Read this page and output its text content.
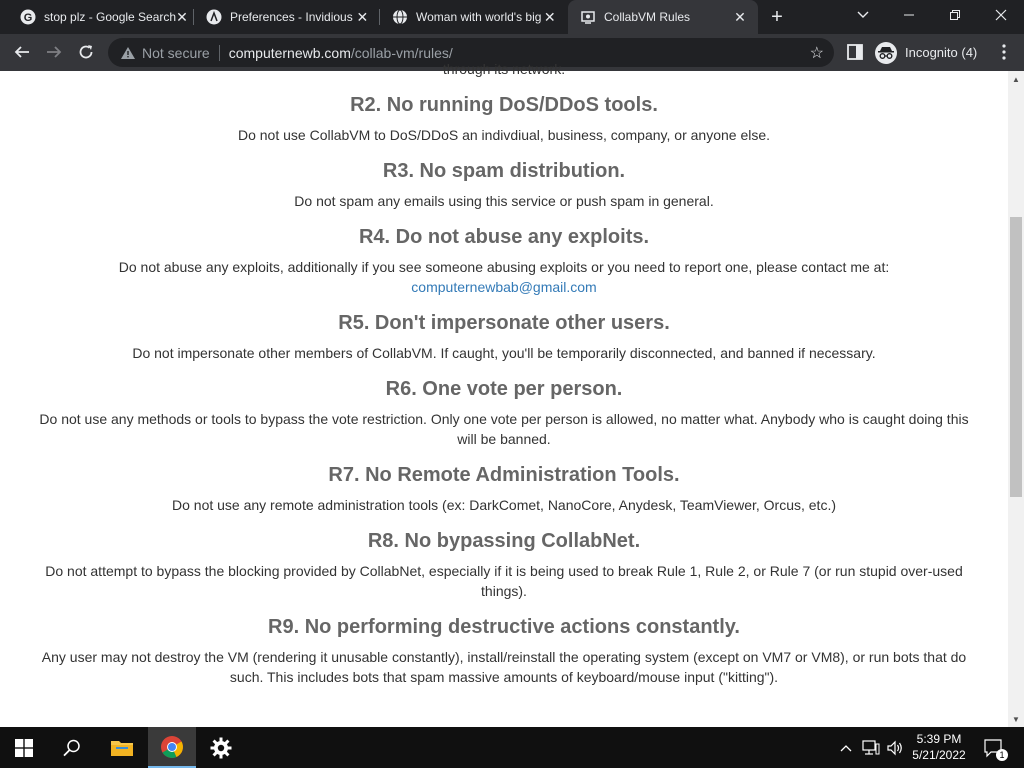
G stop plz - Google Search ✕	Preferences - Invidious ✕	Woman with world's big ✕	CollabVM Rules	✕ +
Not secure computernewb.com /collab-vm/rules/	☆	Incognito (4)
through its network.
R2. No running DoS/DDoS tools.

Do not use CollabVM to DoS/DDoS an indivdiual, business, company, or anyone else.

R3. No spam distribution.

Do not spam any emails using this service or push spam in general.

R4. Do not abuse any exploits.

Do not abuse any exploits, additionally if you see someone abusing exploits or you need to report one, please contact me at:
computernewbab@gmail.com

R5. Don't impersonate other users.

Do not impersonate other members of CollabVM. If caught, you'll be temporarily disconnected, and banned if necessary.

R6. One vote per person.

Do not use any methods or tools to bypass the vote restriction. Only one vote per person is allowed, no matter what. Anybody who is caught doing this will be banned.

R7. No Remote Administration Tools.

Do not use any remote administration tools (ex: DarkComet, NanoCore, Anydesk, TeamViewer, Orcus, etc.)

R8. No bypassing CollabNet.

Do not attempt to bypass the blocking provided by CollabNet, especially if it is being used to break Rule 1, Rule 2, or Rule 7 (or run stupid over-used things).

R9. No performing destructive actions constantly.

Any user may not destroy the VM (rendering it unusable constantly), install/reinstall the operating system (except on VM7 or VM8), or run bots that do such. This includes bots that spam massive amounts of keyboard/mouse input ("kitting").

▲
▼
5:39 PM
5/21/2022	1
